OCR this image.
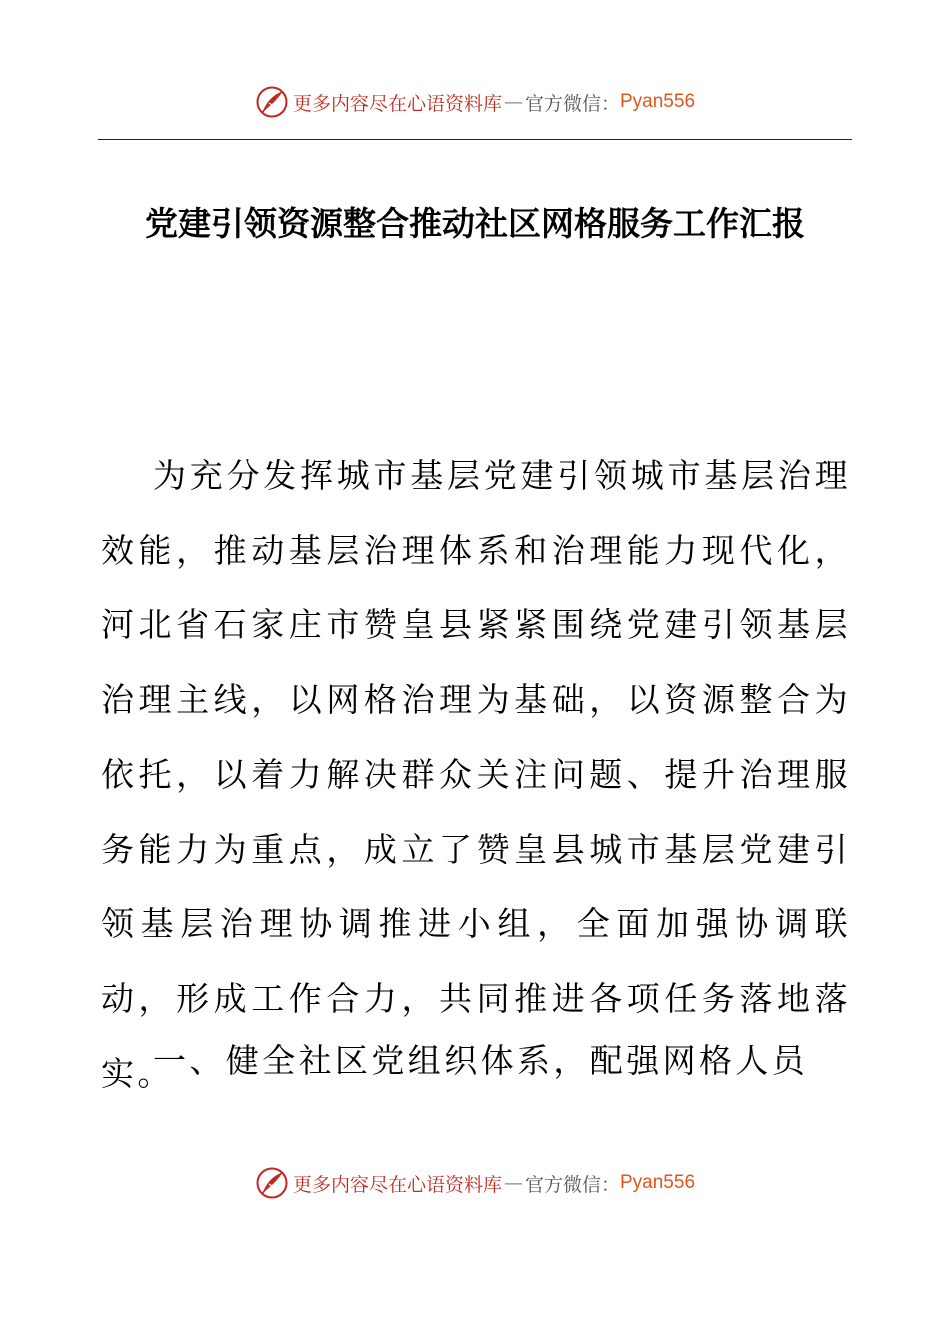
更多内容尽在心语资料库 — 官方微信： Pyan556
党建引领资源整合推动社区网格服务工作汇报

为充分发挥城市基层党建引领城市基层治理效能，推动基层治理体系和治理能力现代化，河北省石家庄市赞皇县紧紧围绕党建引领基层治理主线，以网格治理为基础，以资源整合为依托，以着力解决群众关注问题、提升治理服务能力为重点，成立了赞皇县城市基层党建引领基层治理协调推进小组，全面加强协调联动，形成工作合力，共同推进各项任务落地落实。

一、健全社区党组织体系，配强网格人员
更多内容尽在心语资料库 — 官方微信： Pyan556
